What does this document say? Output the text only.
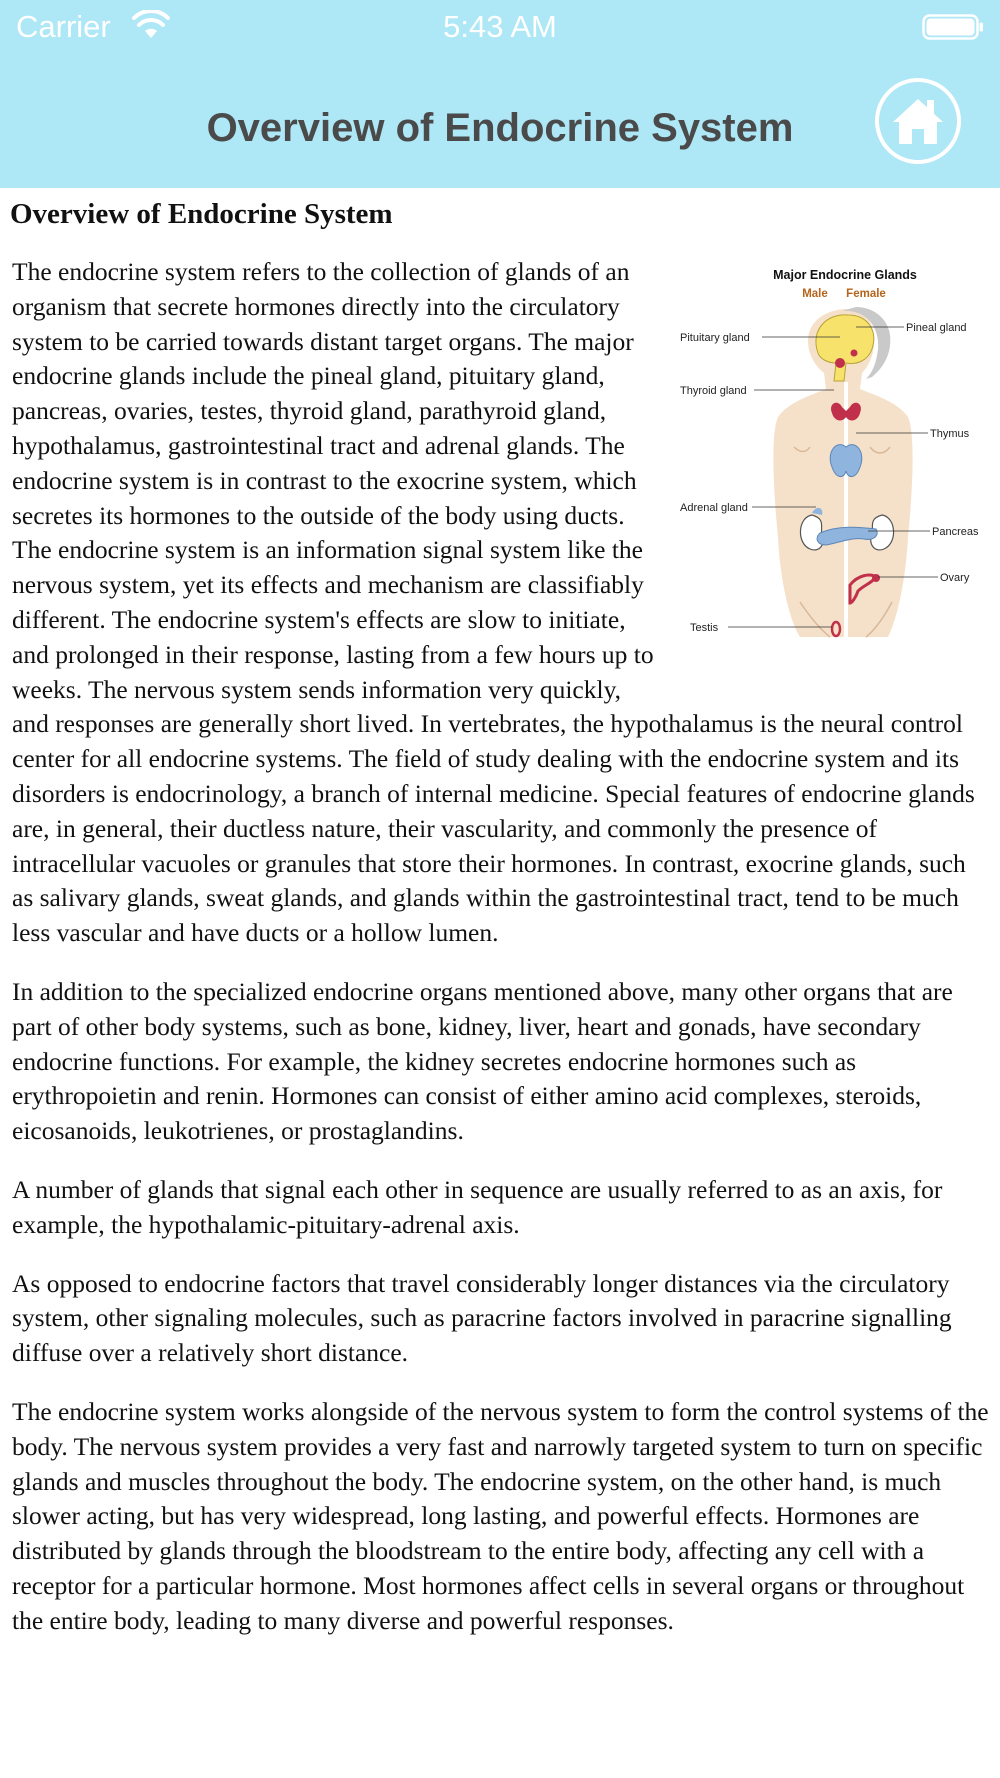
Carrier	5:43 AM
Overview of Endocrine System
Overview of Endocrine System
Major Endocrine Glands
Male Female
Pituitary gland
Pineal gland
Thyroid gland
Thymus
Adrenal gland
Pancreas
Ovary
Testis

The endocrine system refers to the collection of glands of an organism that secrete hormones directly into the circulatory system to be carried towards distant target organs. The major endocrine glands include the pineal gland, pituitary gland, pancreas, ovaries, testes, thyroid gland, parathyroid gland, hypothalamus, gastrointestinal tract and adrenal glands. The endocrine system is in contrast to the exocrine system, which secretes its hormones to the outside of the body using ducts. The endocrine system is an information signal system like the nervous system, yet its effects and mechanism are classifiably different. The endocrine system's effects are slow to initiate, and prolonged in their response, lasting from a few hours up to weeks. The nervous system sends information very quickly, and responses are generally short lived. In vertebrates, the hypothalamus is the neural control center for all endocrine systems. The field of study dealing with the endocrine system and its disorders is endocrinology, a branch of internal medicine. Special features of endocrine glands are, in general, their ductless nature, their vascularity, and commonly the presence of intracellular vacuoles or granules that store their hormones. In contrast, exocrine glands, such as salivary glands, sweat glands, and glands within the gastrointestinal tract, tend to be much less vascular and have ducts or a hollow lumen.

In addition to the specialized endocrine organs mentioned above, many other organs that are part of other body systems, such as bone, kidney, liver, heart and gonads, have secondary endocrine functions. For example, the kidney secretes endocrine hormones such as erythropoietin and renin. Hormones can consist of either amino acid complexes, steroids, eicosanoids, leukotrienes, or prostaglandins.

A number of glands that signal each other in sequence are usually referred to as an axis, for example, the hypothalamic-pituitary-adrenal axis.

As opposed to endocrine factors that travel considerably longer distances via the circulatory system, other signaling molecules, such as paracrine factors involved in paracrine signalling diffuse over a relatively short distance.

The endocrine system works alongside of the nervous system to form the control systems of the body. The nervous system provides a very fast and narrowly targeted system to turn on specific glands and muscles throughout the body. The endocrine system, on the other hand, is much slower acting, but has very widespread, long lasting, and powerful effects. Hormones are distributed by glands through the bloodstream to the entire body, affecting any cell with a receptor for a particular hormone. Most hormones affect cells in several organs or throughout the entire body, leading to many diverse and powerful responses.
